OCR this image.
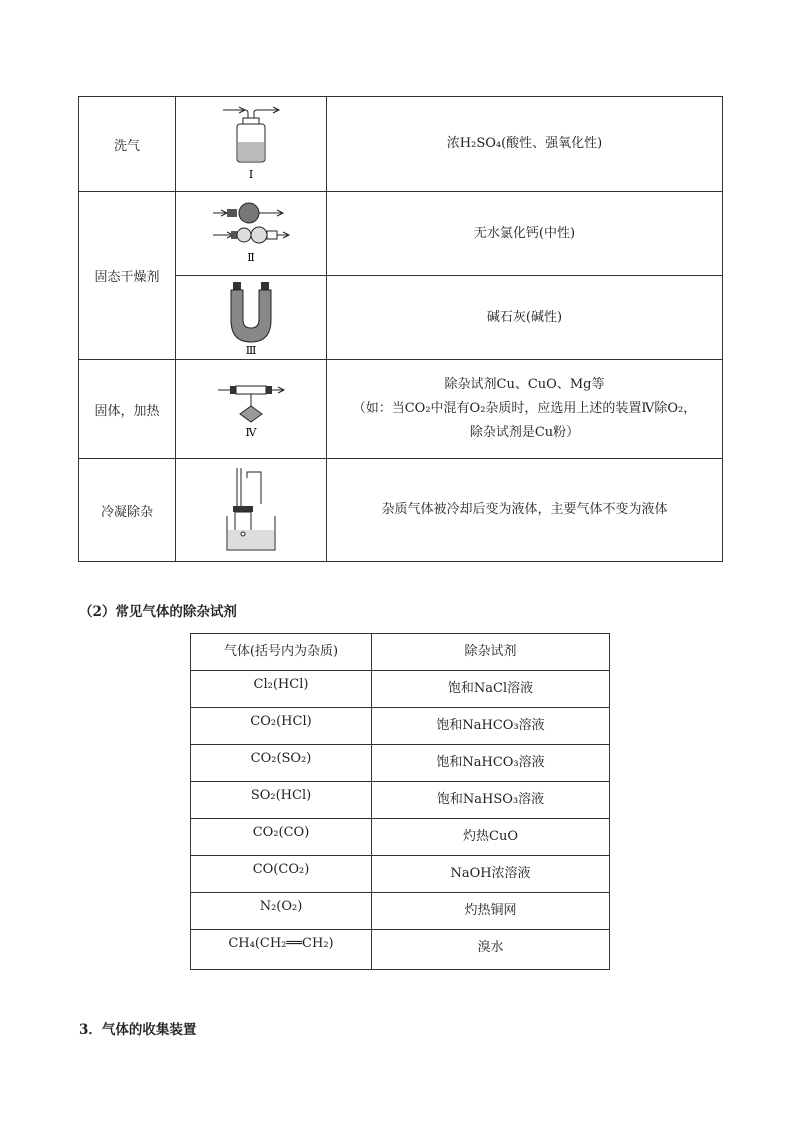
洗气	Ⅰ	浓H₂SO₄(酸性、强氧化性)

固态干燥剂	Ⅱ	无水氯化钙(中性)

Ⅲ	碱石灰(碱性)

固体，加热	Ⅳ	除杂试剂Cu、CuO、Mg等
（如：当CO₂中混有O₂杂质时，应选用上述的装置Ⅳ除O₂，
除杂试剂是Cu粉）

冷凝除杂		杂质气体被冷却后变为液体，主要气体不变为液体
（2）常见气体的除杂试剂
气体(括号内为杂质)	除杂试剂
Cl₂(HCl)	饱和NaCl溶液
CO₂(HCl)	饱和NaHCO₃溶液
CO₂(SO₂)	饱和NaHCO₃溶液
SO₂(HCl)	饱和NaHSO₃溶液
CO₂(CO)	灼热CuO
CO(CO₂)	NaOH浓溶液
N₂(O₂)	灼热铜网
CH₄(CH₂══CH₂)	溴水
3．气体的收集装置
